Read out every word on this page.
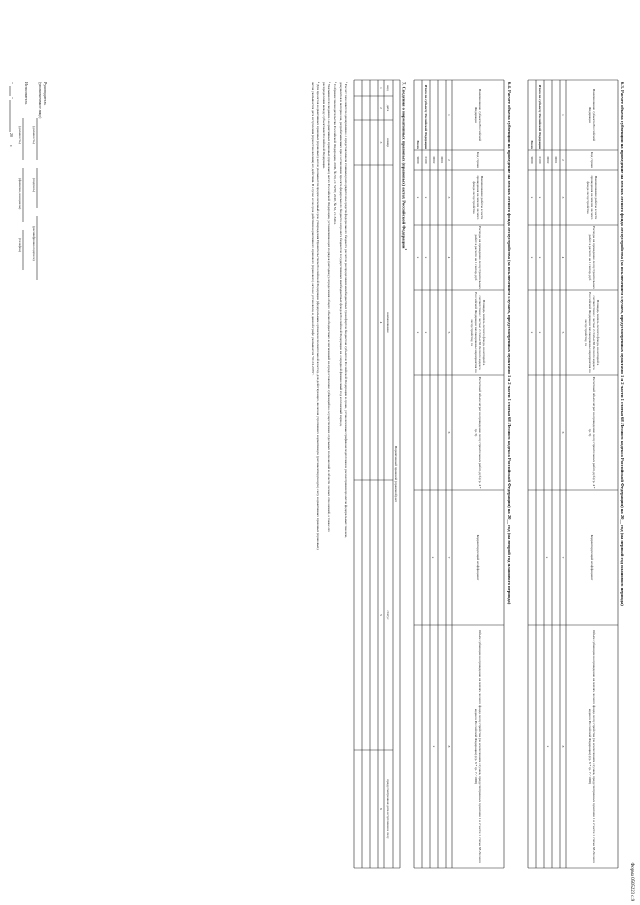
Форма 0505223 с.9
6.3. Расчет объема субвенции на проведение на землях лесного фонда лесоустройства (за исключением случаев, предусмотренных пунктами 1 и 2 части 1 статьи 68 Лесного кодекса Российской Федерации) на 20__ год (на первый год планового периода)
Наименование субъекта Российской Федерации
Код строки
Наименование работы в части проведения на землях лесного фонда лесоустройства
Расходы на проведение лесоустроительных работ в расчете на 1 гектар, руб
Площадь земель лесного фонда, на которой в соответствии с частью 2 статьи 68 Лесного кодекса Российской Федерации запланированы мероприятия по лесоустройству, га
Расчетный объем затрат на проведение лесоустроительных работ, руб (гр. 4 * гр. 5)
Корректирующий коэффициент
Объем субвенции на проведение на землях лесного фонда лесоустройства (за исключением случаев, предусмотренных пунктами 1 и 2 части 1 статьи 68 Лесного кодекса Российской Федерации) (гр. 6 * гр. 7 / 1000)
1
2
3
4
5
6
7
8
0001
0002
Итого по субъекту Российской Федерации
0100
x
x
x
x
Всего
9000
x
x
x
x
6.4. Расчет объема субвенции на проведение на землях лесного фонда лесоустройства (за исключением случаев, предусмотренных пунктами 1 и 2 части 1 статьи 68 Лесного кодекса Российской Федерации) на 20__ год (на второй год планового периода)
Наименование субъекта Российской Федерации
Код строки
Наименование работы в части проведения на землях лесного фонда лесоустройства
Расходы на проведение лесоустроительных работ в расчете на 1 гектар, руб
Площадь земель лесного фонда, на которой в соответствии с частью 2 статьи 68 Лесного кодекса Российской Федерации запланированы мероприятия по лесоустройству, га
Расчетный объем затрат на проведение лесоустроительных работ, руб (гр. 4 * гр. 5)
Корректирующий коэффициент
Объем субвенции на проведение на землях лесного фонда лесоустройства (за исключением случаев, предусмотренных пунктами 1 и 2 части 1 статьи 68 Лесного кодекса Российской Федерации) (гр. 6 * гр. 7 / 1000)
1
2
3
4
5
6
7
8
0001
0002
Итого по субъекту Российской Федерации
0100
x
x
x
x
Всего
9000
x
x
x
x
7. Сведения о нормативных правовых (правовых) актах Российской Федерации$^1$
Нормативный правовой (правовой) акт
вид
дата
номер
наименование
статус
предусмотренная дата вступления в силу
1
2
3
4
5
6
¹ Расчет заполняется одновременно с представлением главным распорядителем средств федерального бюджета расчетов распределения межбюджетных трансфертов бюджетам субъектов Российской Федерации в сроки, установленные графиком подготовки и рассмотрения проектов федеральных законов,
документов и материалов, разрабатываемых при составлении проекта федерального бюджета и проекта бюджетов государственных внебюджетных фондов Российской Федерации на очередной финансовый год и плановый период.
² Собрание законодательства Российской Федерации, 2006, № 50, ст. 5278; 2018, № 53, ст. 8464.
³ Указываются сведения о нормативных правовых (правовых) актах Российской Федерации, устанавливающих порядок (методику) определения общего объема бюджетных ассигнований на предоставление субвенций на осуществление отдельных полномочий в области лесных отношений, а также его
распределения между субъектами Российской Федерации.
⁴ Для проектов нормативных правовых (правовых) актов указывается предполагаемый срок утверждения Правительством Российской Федерации (федеральным органом исполнительной власти), для действующих, включая утративших нормативную (регламентирующую) силу нормативных правовых (правовых)
актов указывается дата вступления (приостановления) их действия. В случае если срок действия нормативного правового (правового) акта не установлен, в данной графе указывается "01.01.2079".
Руководитель
(уполномоченное лицо)
(должность)
(подпись)
(расшифровка подписи)
Исполнитель
(должность)
(фамилия, инициалы)
(телефон)
"
"
20
г.
